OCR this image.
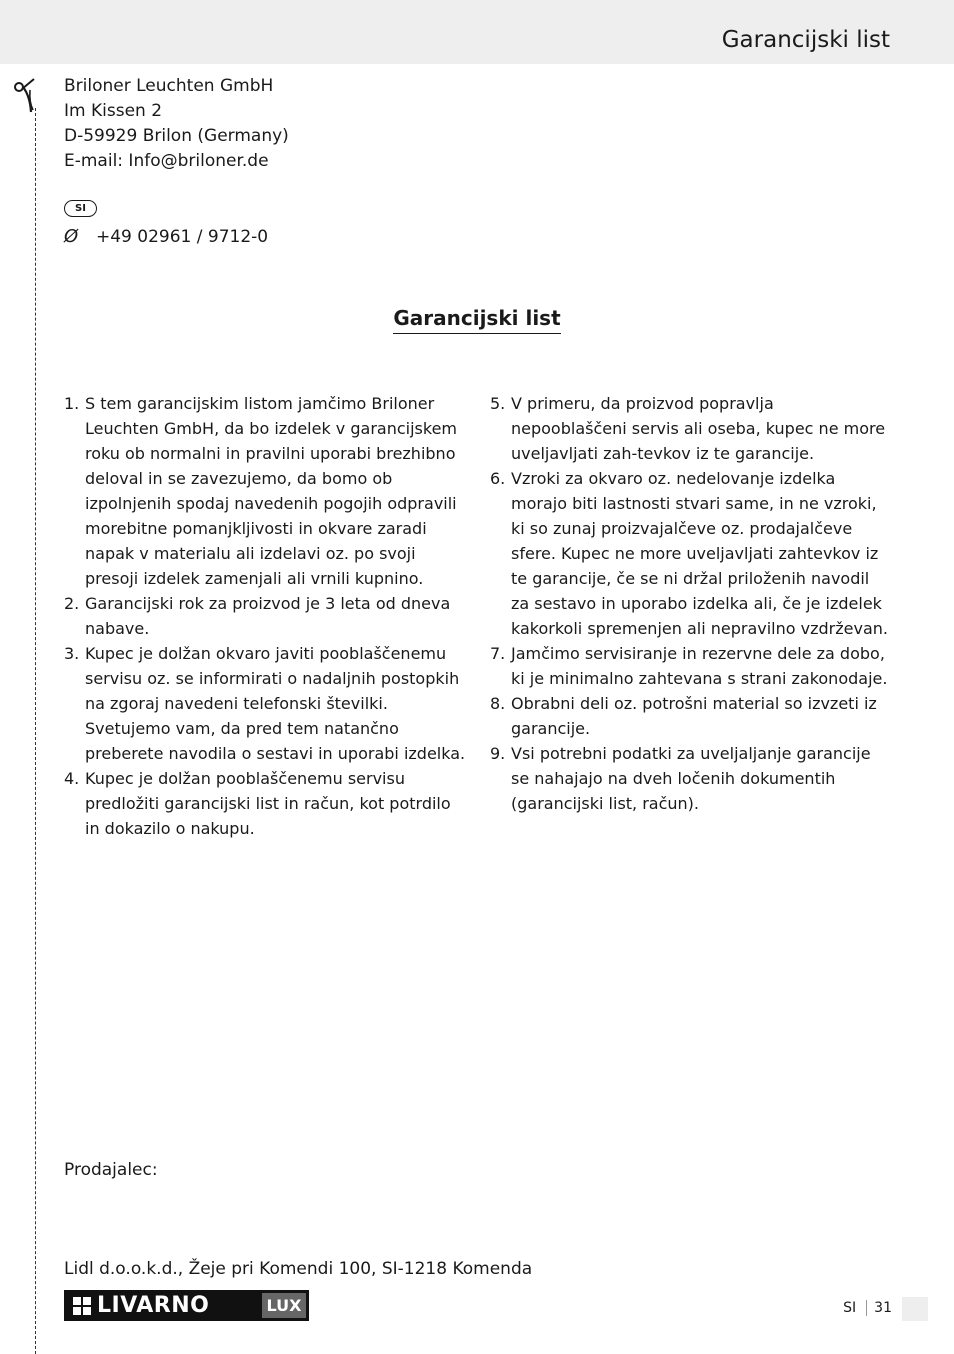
Garancijski list
Briloner Leuchten GmbH
Im Kissen 2
D-59929 Brilon (Germany)
E-mail: Info@briloner.de
SI
Ø +49 02961 / 9712-0
Garancijski list
1. S tem garancijskim listom jamčimo Briloner Leuchten GmbH, da bo izdelek v garancijskem roku ob normalni in pravilni uporabi brezhibno deloval in se zavezujemo, da bomo ob izpolnjenih spodaj navedenih pogojih odpravili morebitne pomanjkljivosti in okvare zaradi napak v materialu ali izdelavi oz. po svoji presoji izdelek zamenjali ali vrnili kupnino.
2. Garancijski rok za proizvod je 3 leta od dneva nabave.
3. Kupec je dolžan okvaro javiti pooblaščenemu servisu oz. se informirati o nadaljnih postopkih na zgoraj navedeni telefonski številki. Svetujemo vam, da pred tem natančno preberete navodila o sestavi in uporabi izdelka.
4. Kupec je dolžan pooblaščenemu servisu predložiti garancijski list in račun, kot potrdilo in dokazilo o nakupu.
5. V primeru, da proizvod popravlja nepooblaščeni servis ali oseba, kupec ne more uveljavljati zah-tevkov iz te garancije.
6. Vzroki za okvaro oz. nedelovanje izdelka morajo biti lastnosti stvari same, in ne vzroki, ki so zunaj proizvajalčeve oz. prodajalčeve sfere. Kupec ne more uveljavljati zahtevkov iz te garancije, če se ni držal priloženih navodil za sestavo in uporabo izdelka ali, če je izdelek kakorkoli spremenjen ali nepravilno vzdrževan.
7. Jamčimo servisiranje in rezervne dele za dobo, ki je minimalno zahtevana s strani zakonodaje.
8. Obrabni deli oz. potrošni material so izvzeti iz garancije.
9. Vsi potrebni podatki za uveljaljanje garancije se nahajajo na dveh ločenih dokumentih (garancijski list, račun).
Prodajalec:
Lidl d.o.o.k.d., Žeje pri Komendi 100, SI-1218 Komenda
LIVARNO	LUX	SI 31
